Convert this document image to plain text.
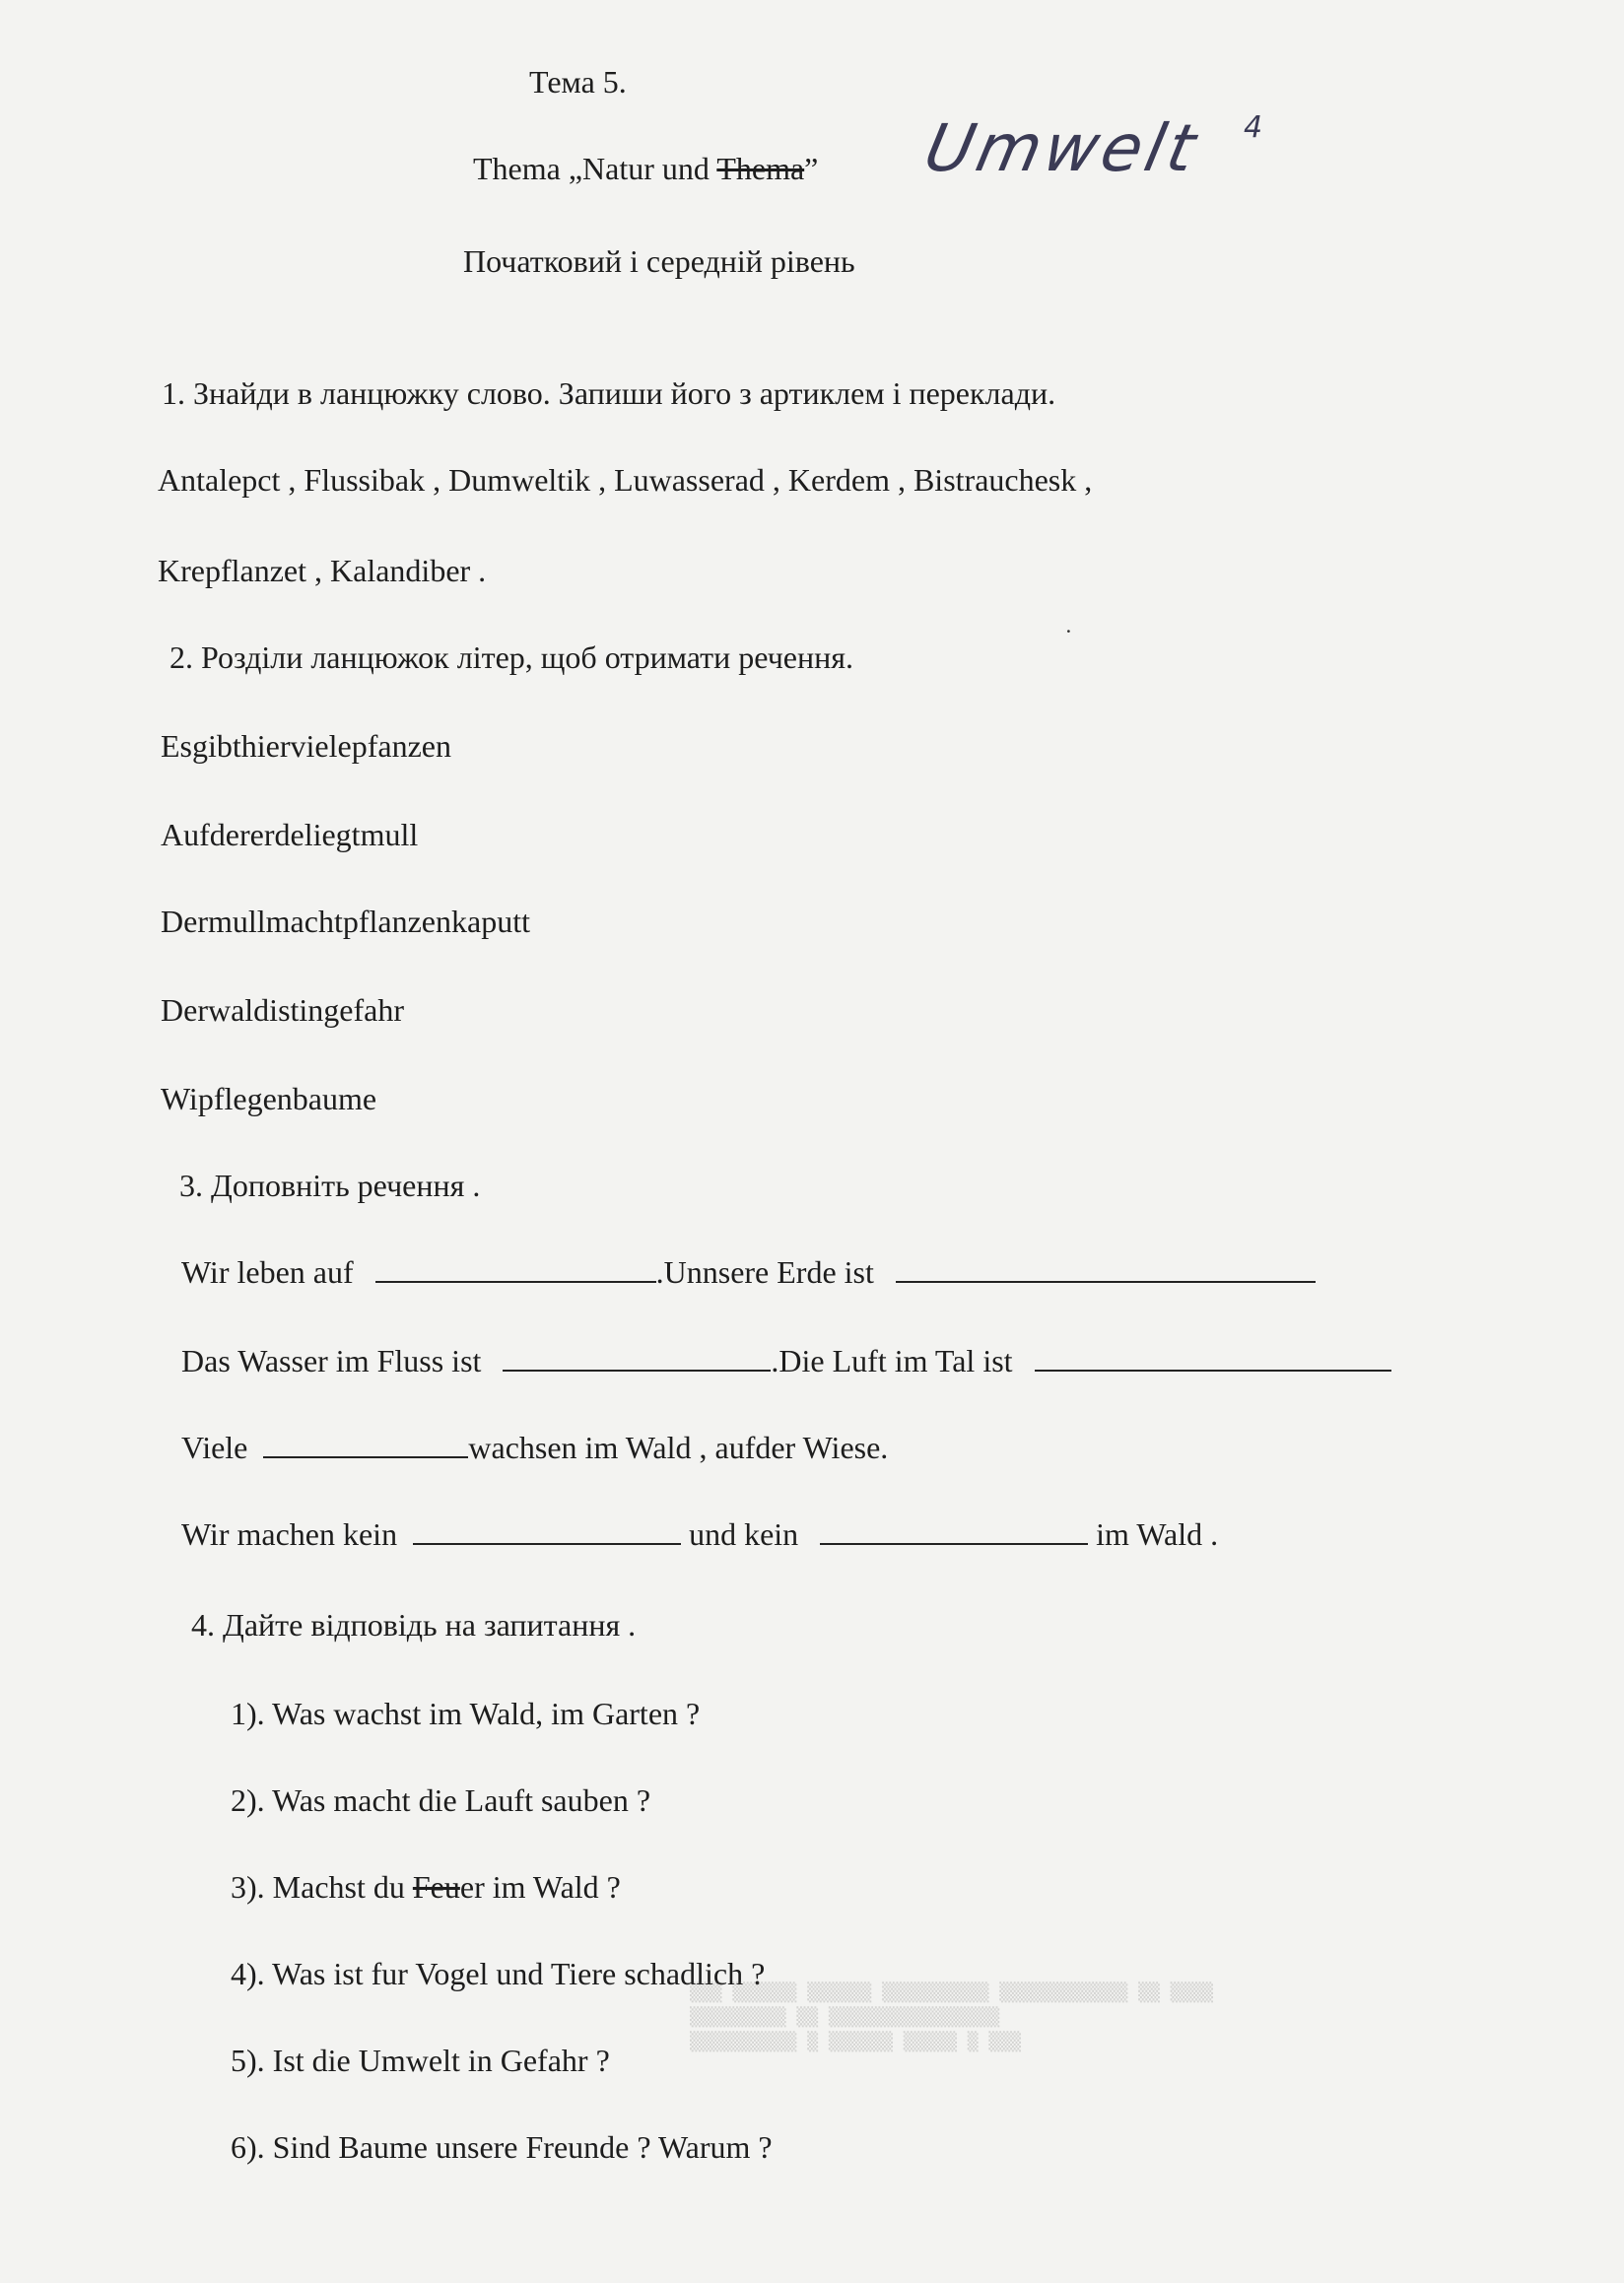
Тема 5.
Thema „Natur und Thema” Umwelt 4
Початковий і середній рівень
1. Знайди в ланцюжку слово. Запиши його з артиклем і переклади.
Antalepct , Flussibak , Dumweltik , Luwasserad , Kerdem , Bistrauchesk ,
Krepflanzet , Kalandiber .
2. Розділи ланцюжок літер, щоб отримати речення.
˙
Esgibthiervielepfanzen
Aufdererdeliegtmull
Dermullmachtpflanzenkaputt
Derwaldistingefahr
Wipflegenbaume
3. Доповніть речення .
Wir leben auf	.Unnsere Erde ist
Das Wasser im Fluss ist	.Die Luft im Tal ist
Viele	wachsen im Wald , aufder Wiese.
Wir machen kein	und kein	im Wald .
4. Дайте відповідь на запитання .
1). Was wachst im Wald, im Garten ?
2). Was macht die Lauft sauben ?
3). Machst du Feuer im Wald ?
4). Was ist fur Vogel und Tiere schadlich ?
5). Ist die Umwelt in Gefahr ?
6). Sind Baume unsere Freunde ? Warum ?
▒▒▒ ▒▒▒▒▒▒ ▒▒▒▒▒▒ ▒▒▒▒▒▒▒▒▒▒ ▒▒▒▒▒▒▒▒▒▒▒▒ ▒▒ ▒▒▒▒
▒▒▒▒▒▒▒▒▒ ▒▒ ▒▒▒▒▒▒▒▒▒▒▒▒▒▒▒▒
▒▒▒▒▒▒▒▒▒▒ ▒ ▒▒▒▒▒▒ ▒▒▒▒▒ ▒ ▒▒▒
